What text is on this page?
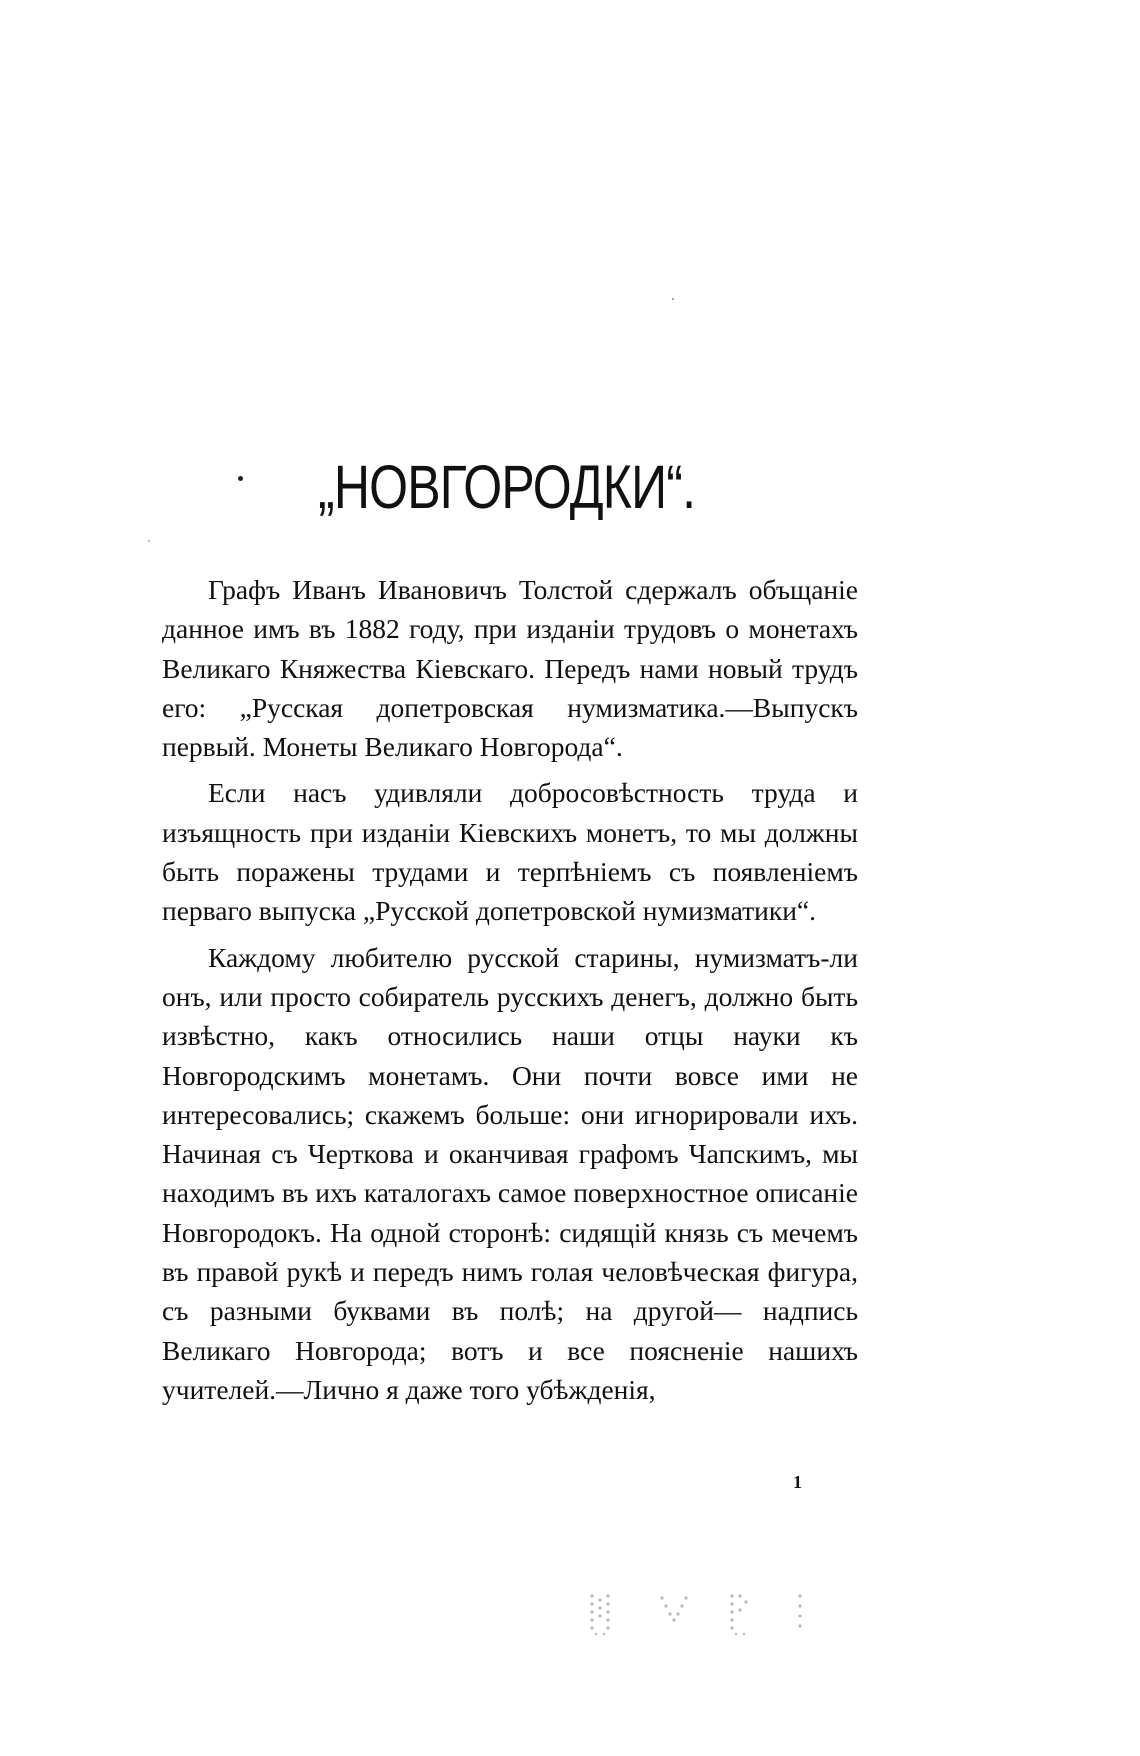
„НОВГОРОДКИ“.

Графъ Иванъ Ивановичъ Толстой сдержалъ объщаніе данное имъ въ 1882 году, при изданіи трудовъ о монетахъ Великаго Княжества Кіевскаго. Передъ нами новый трудъ его: „Русская допетровская нумизматика.—Выпускъ первый. Монеты Великаго Новгорода“.

Если насъ удивляли добросовѣстность труда и изъящность при изданіи Кіевскихъ монетъ, то мы должны быть поражены трудами и терпѣніемъ съ появленіемъ перваго выпуска „Русской допетровской нумизматики“.

Каждому любителю русской старины, нумизматъ-ли онъ, или просто собиратель русскихъ денегъ, должно быть извѣстно, какъ относились наши отцы науки къ Новгородскимъ монетамъ. Они почти вовсе ими не интересовались; скажемъ больше: они игнорировали ихъ. Начиная съ Черткова и оканчивая графомъ Чапскимъ, мы находимъ въ ихъ каталогахъ самое поверхностное описаніе Новгородокъ. На одной сторонѣ: сидящій князь съ мечемъ въ правой рукѣ и передъ нимъ голая человѣческая фигура, съ разными буквами въ полѣ; на другой— надпись Великаго Новгорода; вотъ и все поясненіе нашихъ учителей.—Лично я даже того убѣжденія,

1
